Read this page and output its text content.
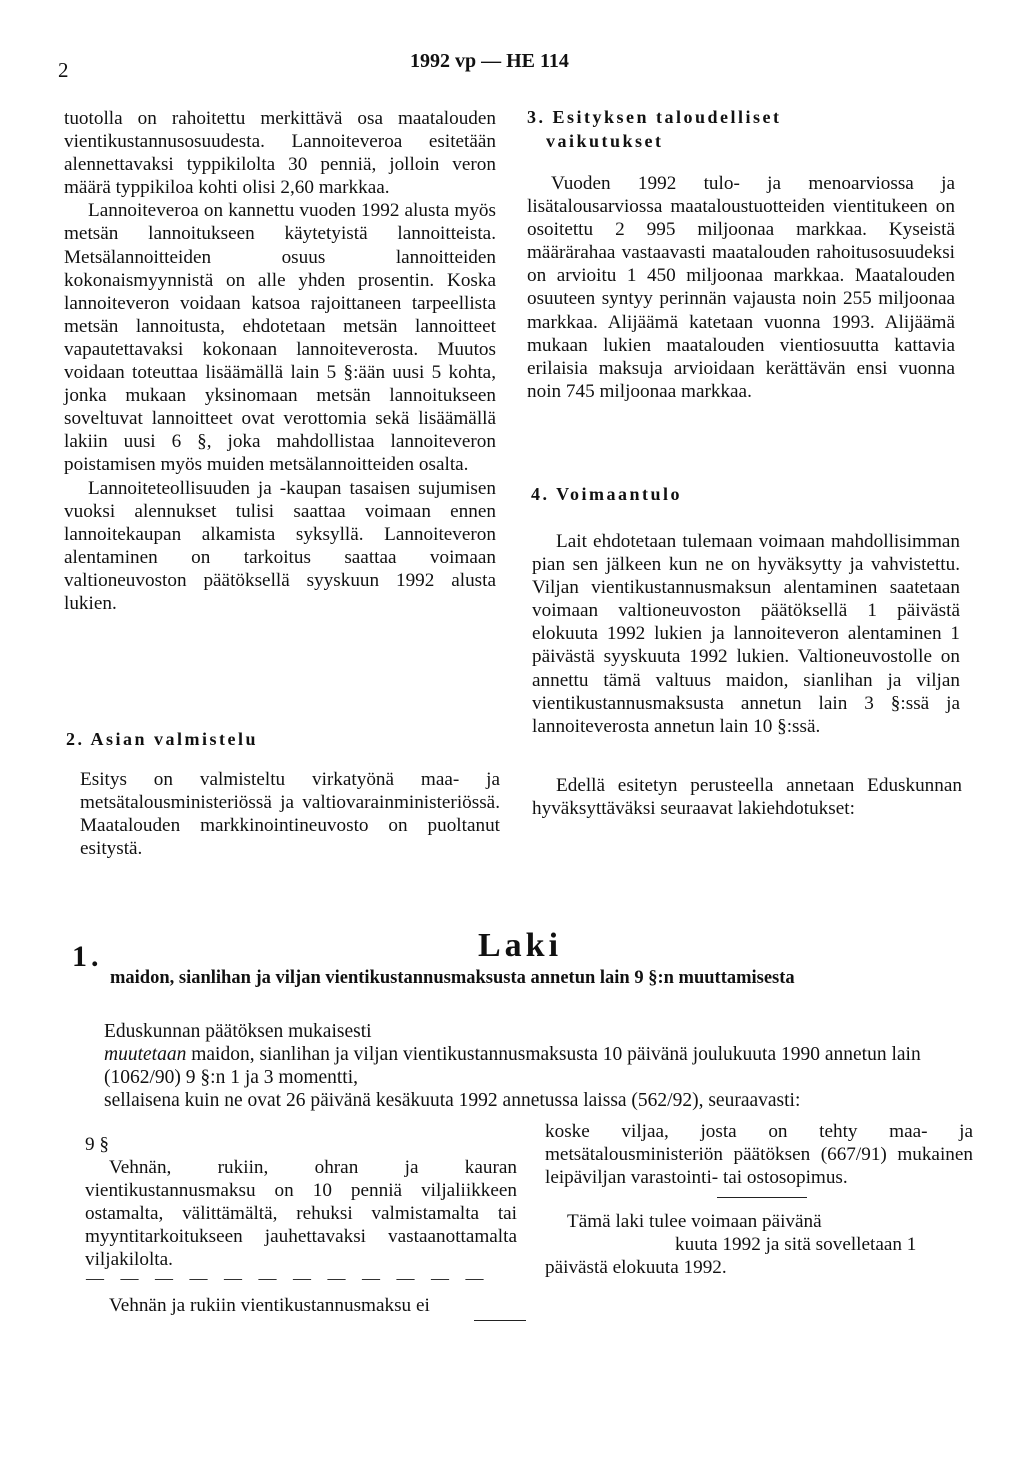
2	1992 vp — HE 114

tuotolla on rahoitettu merkittävä osa maatalouden vientikustannusosuudesta. Lannoiteveroa esitetään alennettavaksi typpikilolta 30 penniä, jolloin veron määrä typpikiloa kohti olisi 2,60 markkaa.

Lannoiteveroa on kannettu vuoden 1992 alusta myös metsän lannoitukseen käytetyistä lannoitteista. Metsälannoitteiden osuus lannoitteiden kokonaismyynnistä on alle yhden prosentin. Koska lannoiteveron voidaan katsoa rajoittaneen tarpeellista metsän lannoitusta, ehdotetaan metsän lannoitteet vapautettavaksi kokonaan lannoiteverosta. Muutos voidaan toteuttaa lisäämällä lain 5 §:ään uusi 5 kohta, jonka mukaan yksinomaan metsän lannoitukseen soveltuvat lannoitteet ovat verottomia sekä lisäämällä lakiin uusi 6 §, joka mahdollistaa lannoiteveron poistamisen myös muiden metsälannoitteiden osalta.

Lannoiteteollisuuden ja -kaupan tasaisen sujumisen vuoksi alennukset tulisi saattaa voimaan ennen lannoitekaupan alkamista syksyllä. Lannoiteveron alentaminen on tarkoitus saattaa voimaan valtioneuvoston päätöksellä syyskuun 1992 alusta lukien.

2. Asian valmistelu

Esitys on valmisteltu virkatyönä maa- ja metsätalousministeriössä ja valtiovarainministeriössä. Maatalouden markkinointineuvosto on puoltanut esitystä.

3. Esityksen taloudelliset
vaikutukset

Vuoden 1992 tulo- ja menoarviossa ja lisätalousarviossa maataloustuotteiden vientitukeen on osoitettu 2 995 miljoonaa markkaa. Kyseistä määrärahaa vastaavasti maatalouden rahoitusosuudeksi on arvioitu 1 450 miljoonaa markkaa. Maatalouden osuuteen syntyy perinnän vajausta noin 255 miljoonaa markkaa. Alijäämä katetaan vuonna 1993. Alijäämä mukaan lukien maatalouden vientiosuutta kattavia erilaisia maksuja arvioidaan kerättävän ensi vuonna noin 745 miljoonaa markkaa.

4. Voimaantulo

Lait ehdotetaan tulemaan voimaan mahdollisimman pian sen jälkeen kun ne on hyväksytty ja vahvistettu. Viljan vientikustannusmaksun alentaminen saatetaan voimaan valtioneuvoston päätöksellä 1 päivästä elokuuta 1992 lukien ja lannoiteveron alentaminen 1 päivästä syyskuuta 1992 lukien. Valtioneuvostolle on annettu tämä valtuus maidon, sianlihan ja viljan vientikustannusmaksusta annetun lain 3 §:ssä ja lannoiteverosta annetun lain 10 §:ssä.

Edellä esitetyn perusteella annetaan Eduskunnan hyväksyttäväksi seuraavat lakiehdotukset:

1.	Laki
maidon, sianlihan ja viljan vientikustannusmaksusta annetun lain 9 §:n muuttamisesta
Eduskunnan päätöksen mukaisesti
muutetaan maidon, sianlihan ja viljan vientikustannusmaksusta 10 päivänä joulukuuta 1990 annetun lain (1062/90) 9 §:n 1 ja 3 momentti,
sellaisena kuin ne ovat 26 päivänä kesäkuuta 1992 annetussa laissa (562/92), seuraavasti:

9 §

Vehnän, rukiin, ohran ja kauran vientikustannusmaksu on 10 penniä viljaliikkeen ostamalta, välittämältä, rehuksi valmistamalta tai myyntitarkoitukseen jauhettavaksi vastaanottamalta viljakilolta.

— — — — — — — — — — — —

Vehnän ja rukiin vientikustannusmaksu ei

koske viljaa, josta on tehty maa- ja metsätalousministeriön päätöksen (667/91) mukainen leipäviljan varastointi- tai ostosopimus.

Tämä laki tulee voimaan päivänä
kuuta 1992 ja sitä sovelletaan 1
päivästä elokuuta 1992.
